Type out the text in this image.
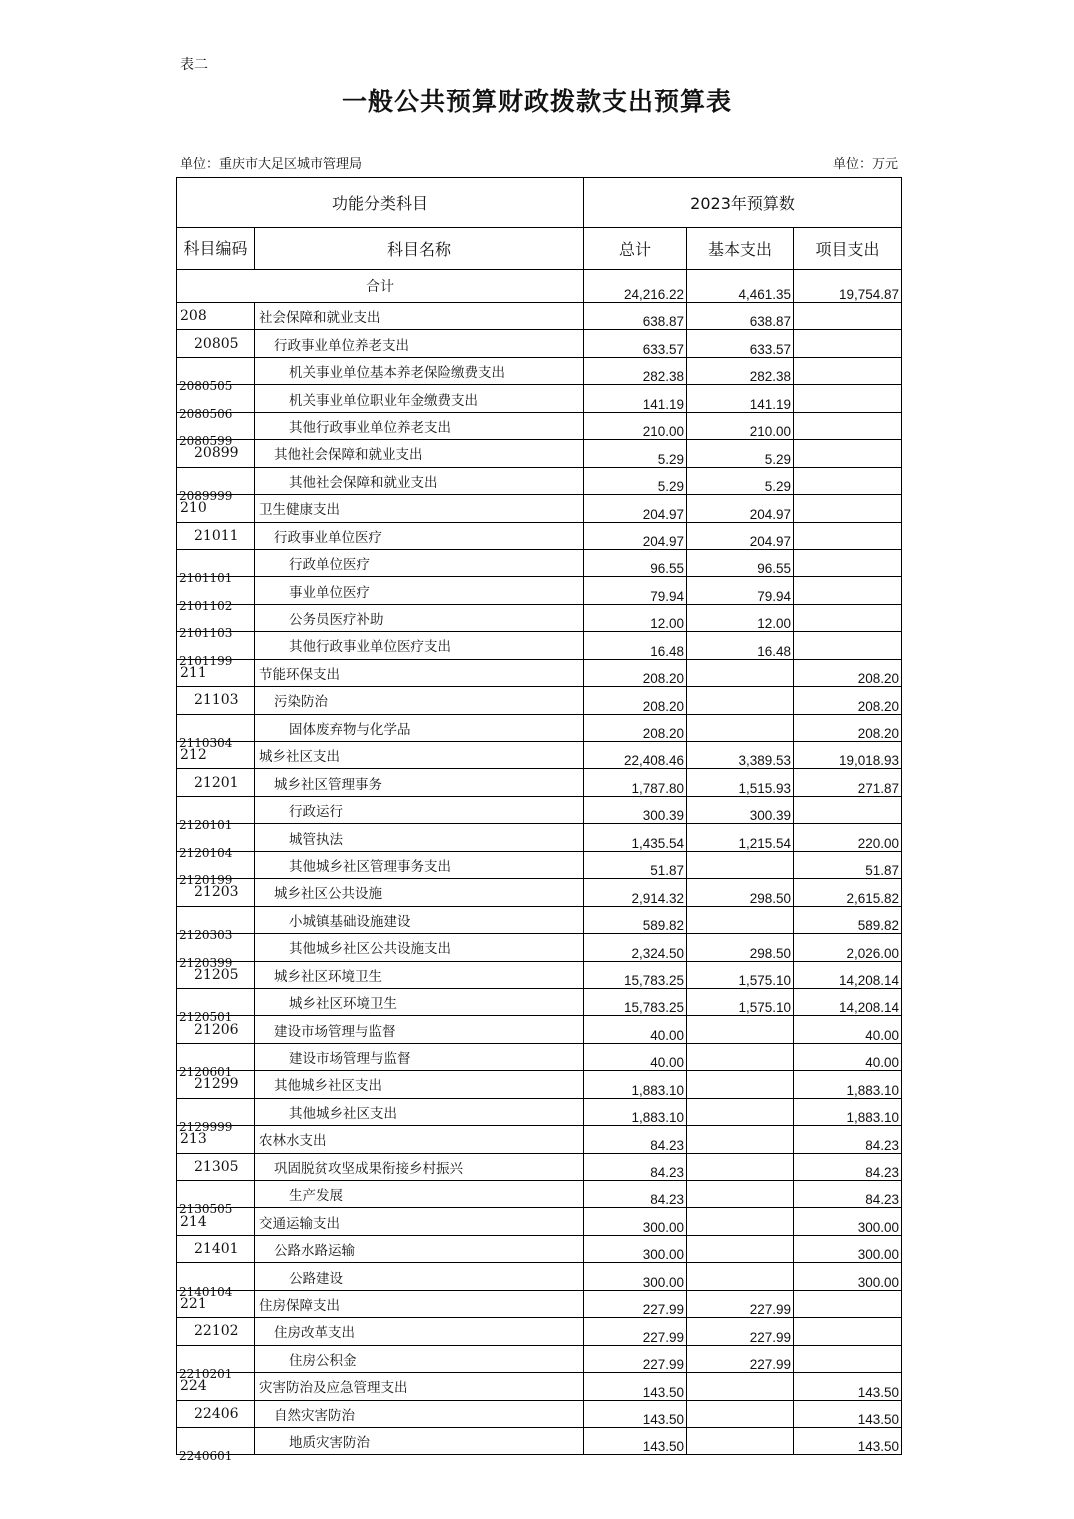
表二
一般公共预算财政拨款支出预算表
单位：重庆市大足区城市管理局	单位：万元
功能分类科目		2023年预算数		
科目编码	科目名称	总计	基本支出	项目支出
合计		24,216.22	4,461.35	19,754.87
208	社会保障和就业支出	638.87	638.87	
20805	行政事业单位养老支出	633.57	633.57	

2080505	机关事业单位基本养老保险缴费支出	282.38	282.38	

2080506	机关事业单位职业年金缴费支出	141.19	141.19	

2080599	其他行政事业单位养老支出	210.00	210.00	
20899	其他社会保障和就业支出	5.29	5.29	

2089999	其他社会保障和就业支出	5.29	5.29	
210	卫生健康支出	204.97	204.97	
21011	行政事业单位医疗	204.97	204.97	

2101101	行政单位医疗	96.55	96.55	

2101102	事业单位医疗	79.94	79.94	

2101103	公务员医疗补助	12.00	12.00	

2101199	其他行政事业单位医疗支出	16.48	16.48	
211	节能环保支出	208.20		208.20
21103	污染防治	208.20		208.20

2110304	固体废弃物与化学品	208.20		208.20
212	城乡社区支出	22,408.46	3,389.53	19,018.93
21201	城乡社区管理事务	1,787.80	1,515.93	271.87

2120101	行政运行	300.39	300.39	

2120104	城管执法	1,435.54	1,215.54	220.00

2120199	其他城乡社区管理事务支出	51.87		51.87
21203	城乡社区公共设施	2,914.32	298.50	2,615.82

2120303	小城镇基础设施建设	589.82		589.82

2120399	其他城乡社区公共设施支出	2,324.50	298.50	2,026.00
21205	城乡社区环境卫生	15,783.25	1,575.10	14,208.14

2120501	城乡社区环境卫生	15,783.25	1,575.10	14,208.14
21206	建设市场管理与监督	40.00		40.00

2120601	建设市场管理与监督	40.00		40.00
21299	其他城乡社区支出	1,883.10		1,883.10

2129999	其他城乡社区支出	1,883.10		1,883.10
213	农林水支出	84.23		84.23
21305	巩固脱贫攻坚成果衔接乡村振兴	84.23		84.23

2130505	生产发展	84.23		84.23
214	交通运输支出	300.00		300.00
21401	公路水路运输	300.00		300.00

2140104	公路建设	300.00		300.00
221	住房保障支出	227.99	227.99	
22102	住房改革支出	227.99	227.99	

2210201	住房公积金	227.99	227.99	
224	灾害防治及应急管理支出	143.50		143.50
22406	自然灾害防治	143.50		143.50

2240601	地质灾害防治	143.50		143.50
